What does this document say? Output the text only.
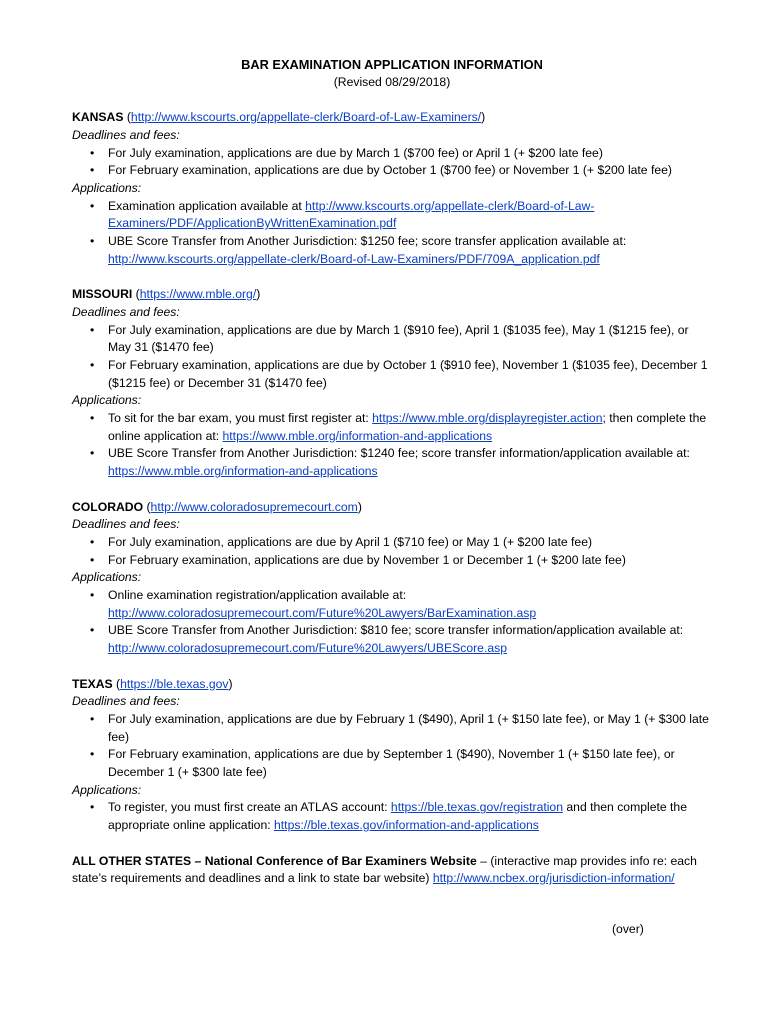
BAR EXAMINATION APPLICATION INFORMATION
(Revised 08/29/2018)
KANSAS (http://www.kscourts.org/appellate-clerk/Board-of-Law-Examiners/)
Deadlines and fees:
• For July examination, applications are due by March 1 ($700 fee) or April 1 (+ $200 late fee)
• For February examination, applications are due by October 1 ($700 fee) or November 1 (+ $200 late fee)
Applications:
• Examination application available at http://www.kscourts.org/appellate-clerk/Board-of-Law-Examiners/PDF/ApplicationByWrittenExamination.pdf
• UBE Score Transfer from Another Jurisdiction: $1250 fee; score transfer application available at: http://www.kscourts.org/appellate-clerk/Board-of-Law-Examiners/PDF/709A_application.pdf
MISSOURI (https://www.mble.org/)
Deadlines and fees:
• For July examination, applications are due by March 1 ($910 fee), April 1 ($1035 fee), May 1 ($1215 fee), or May 31 ($1470 fee)
• For February examination, applications are due by October 1 ($910 fee), November 1 ($1035 fee), December 1 ($1215 fee) or December 31 ($1470 fee)
Applications:
• To sit for the bar exam, you must first register at: https://www.mble.org/displayregister.action; then complete the online application at: https://www.mble.org/information-and-applications
• UBE Score Transfer from Another Jurisdiction: $1240 fee; score transfer information/application available at: https://www.mble.org/information-and-applications
COLORADO (http://www.coloradosupremecourt.com)
Deadlines and fees:
• For July examination, applications are due by April 1 ($710 fee) or May 1 (+ $200 late fee)
• For February examination, applications are due by November 1 or December 1 (+ $200 late fee)
Applications:
• Online examination registration/application available at: http://www.coloradosupremecourt.com/Future%20Lawyers/BarExamination.asp
• UBE Score Transfer from Another Jurisdiction: $810 fee; score transfer information/application available at: http://www.coloradosupremecourt.com/Future%20Lawyers/UBEScore.asp
TEXAS (https://ble.texas.gov)
Deadlines and fees:
• For July examination, applications are due by February 1 ($490), April 1 (+ $150 late fee), or May 1 (+ $300 late fee)
• For February examination, applications are due by September 1 ($490), November 1 (+ $150 late fee), or December 1 (+ $300 late fee)
Applications:
• To register, you must first create an ATLAS account: https://ble.texas.gov/registration and then complete the appropriate online application: https://ble.texas.gov/information-and-applications
ALL OTHER STATES – National Conference of Bar Examiners Website – (interactive map provides info re: each state’s requirements and deadlines and a link to state bar website) http://www.ncbex.org/jurisdiction-information/
(over)
